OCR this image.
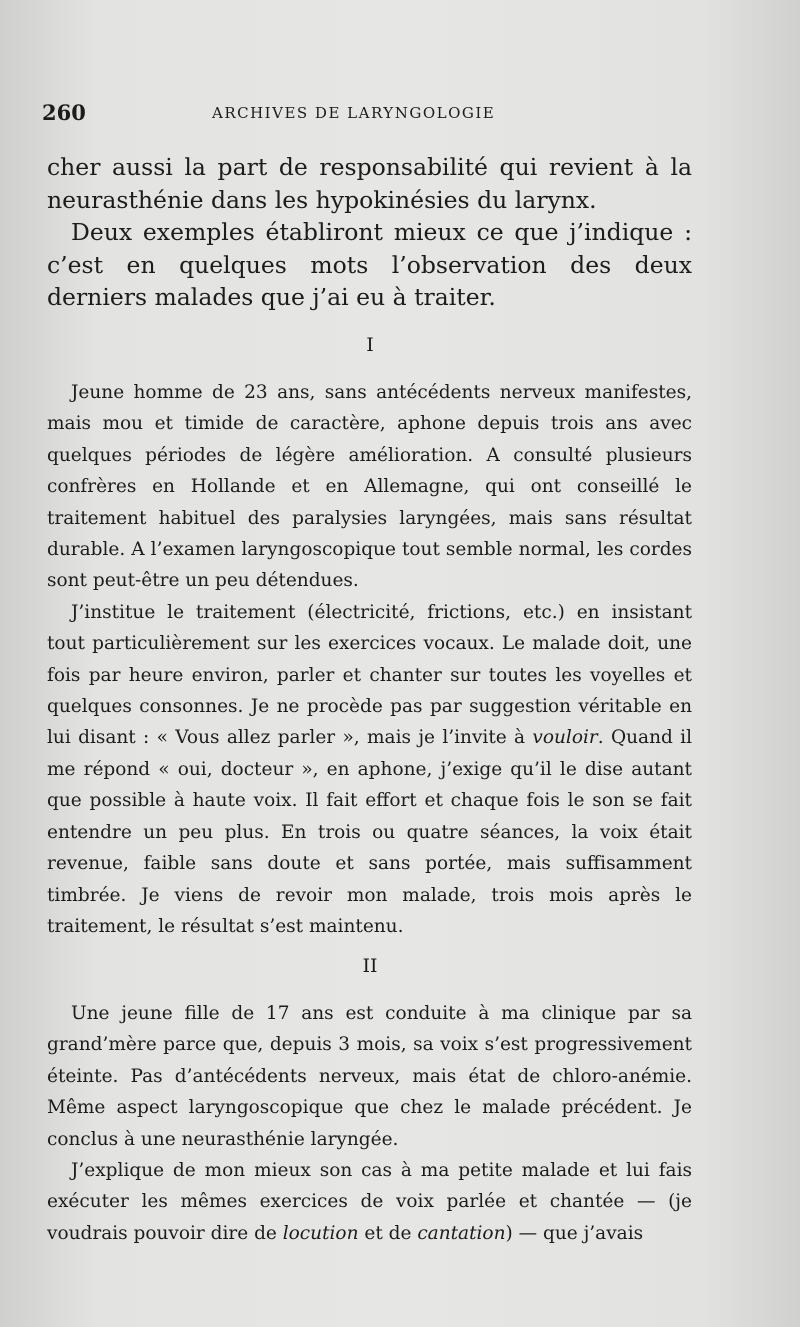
260	ARCHIVES DE LARYNGOLOGIE

cher aussi la part de responsabilité qui revient à la neurasthénie dans les hypokinésies du larynx.

Deux exemples établiront mieux ce que j’indique : c’est en quelques mots l’observation des deux derniers malades que j’ai eu à traiter.

I

Jeune homme de 23 ans, sans antécédents nerveux manifestes, mais mou et timide de caractère, aphone depuis trois ans avec quelques périodes de légère amélioration. A consulté plusieurs confrères en Hollande et en Allemagne, qui ont conseillé le traitement habituel des paralysies laryngées, mais sans résultat durable. A l’examen laryngoscopique tout semble normal, les cordes sont peut-être un peu détendues.

J’institue le traitement (électricité, frictions, etc.) en insistant tout particulièrement sur les exercices vocaux. Le malade doit, une fois par heure environ, parler et chanter sur toutes les voyelles et quelques consonnes. Je ne procède pas par suggestion véritable en lui disant : « Vous allez parler », mais je l’invite à vouloir. Quand il me répond « oui, docteur », en aphone, j’exige qu’il le dise autant que possible à haute voix. Il fait effort et chaque fois le son se fait entendre un peu plus. En trois ou quatre séances, la voix était revenue, faible sans doute et sans portée, mais suffisamment timbrée. Je viens de revoir mon malade, trois mois après le traitement, le résultat s’est maintenu.

II

Une jeune fille de 17 ans est conduite à ma clinique par sa grand’mère parce que, depuis 3 mois, sa voix s’est progressivement éteinte. Pas d’antécédents nerveux, mais état de chloro-anémie. Même aspect laryngoscopique que chez le malade précédent. Je conclus à une neurasthénie laryngée.

J’explique de mon mieux son cas à ma petite malade et lui fais exécuter les mêmes exercices de voix parlée et chantée — (je voudrais pouvoir dire de locution et de cantation) — que j’avais
